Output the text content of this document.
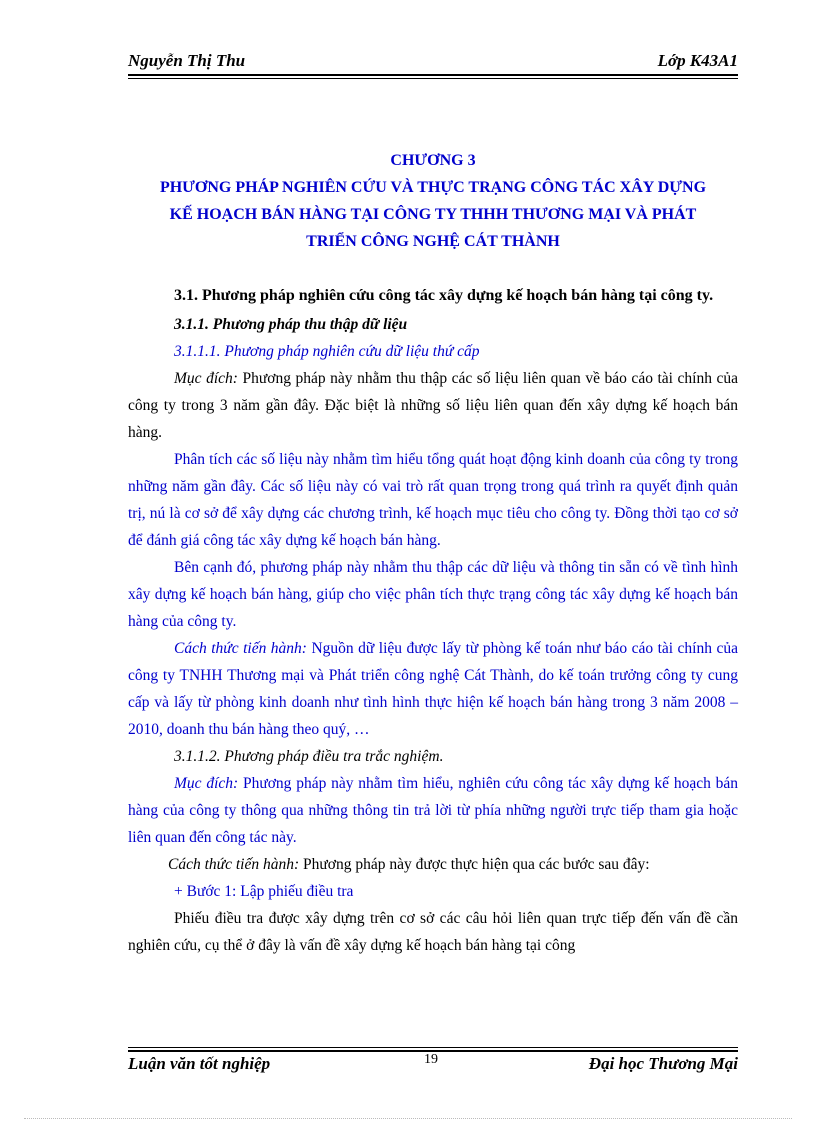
Nguyễn Thị Thu	Lớp K43A1
CHƯƠNG 3
PHƯƠNG PHÁP NGHIÊN CỨU VÀ THỰC TRẠNG CÔNG TÁC XÂY DỰNG
KẾ HOẠCH BÁN HÀNG TẠI CÔNG TY THHH THƯƠNG MẠI VÀ PHÁT
TRIỂN CÔNG NGHỆ CÁT THÀNH

3.1. Phương pháp nghiên cứu công tác xây dựng kế hoạch bán hàng tại công ty.

3.1.1. Phương pháp thu thập dữ liệu

3.1.1.1. Phương pháp nghiên cứu dữ liệu thứ cấp

Mục đích: Phương pháp này nhằm thu thập các số liệu liên quan về báo cáo tài chính của công ty trong 3 năm gần đây. Đặc biệt là những số liệu liên quan đến xây dựng kế hoạch bán hàng.

Phân tích các số liệu này nhằm tìm hiểu tổng quát hoạt động kinh doanh của công ty trong những năm gần đây. Các số liệu này có vai trò rất quan trọng trong quá trình ra quyết định quản trị, nú là cơ sở để xây dựng các chương trình, kế hoạch mục tiêu cho công ty. Đồng thời tạo cơ sở để đánh giá công tác xây dựng kế hoạch bán hàng.

Bên cạnh đó, phương pháp này nhằm thu thập các dữ liệu và thông tin sẵn có về tình hình xây dựng kế hoạch bán hàng, giúp cho việc phân tích thực trạng công tác xây dựng kế hoạch bán hàng của công ty.

Cách thức tiến hành: Nguồn dữ liệu được lấy từ phòng kế toán như báo cáo tài chính của công ty TNHH Thương mại và Phát triển công nghệ Cát Thành, do kế toán trưởng công ty cung cấp và lấy từ phòng kinh doanh như tình hình thực hiện kế hoạch bán hàng trong 3 năm 2008 – 2010, doanh thu bán hàng theo quý, …

3.1.1.2. Phương pháp điều tra trắc nghiệm.

Mục đích: Phương pháp này nhằm tìm hiểu, nghiên cứu công tác xây dựng kế hoạch bán hàng của công ty thông qua những thông tin trả lời từ phía những người trực tiếp tham gia hoặc liên quan đến công tác này.

Cách thức tiến hành: Phương pháp này được thực hiện qua các bước sau đây:

+ Bước 1: Lập phiếu điều tra

Phiếu điều tra được xây dựng trên cơ sở các câu hỏi liên quan trực tiếp đến vấn đề cần nghiên cứu, cụ thể ở đây là vấn đề xây dựng kế hoạch bán hàng tại công

Luận văn tốt nghiệp	19	Đại học Thương Mại
